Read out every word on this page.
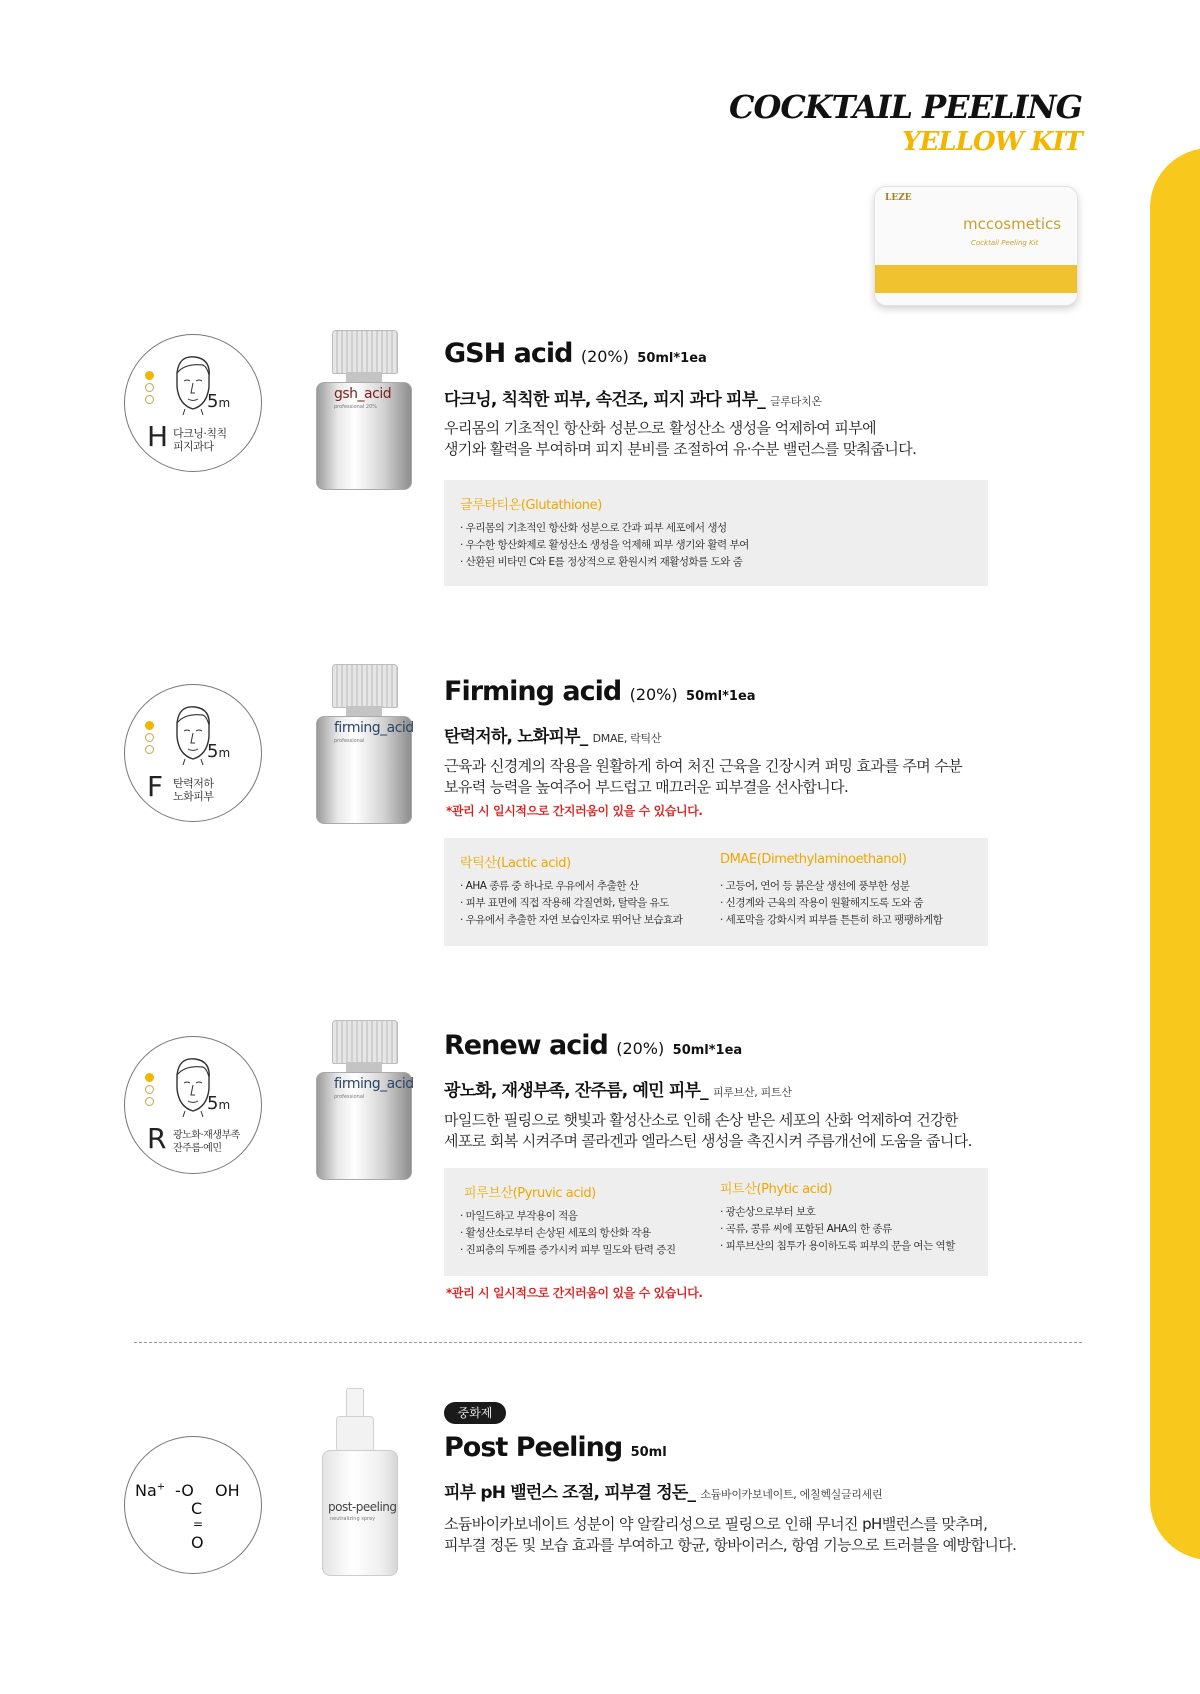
COCKTAIL PEELING
YELLOW KIT
LEZE
mccosmetics
Cocktail Peeling Kit
5m
H 다크닝·칙칙
피지과다
gsh_acid
professional 20%
GSH acid (20%) 50ml*1ea
다크닝, 칙칙한 피부, 속건조, 피지 과다 피부_ 글루타치온
우리몸의 기초적인 항산화 성분으로 활성산소 생성을 억제하여 피부에
생기와 활력을 부여하며 피지 분비를 조절하여 유·수분 밸런스를 맞춰줍니다.
글루타티온(Glutathione)
· 우리몸의 기초적인 항산화 성분으로 간과 피부 세포에서 생성
· 우수한 항산화제로 활성산소 생성을 억제해 피부 생기와 활력 부여
· 산환된 비타민 C와 E를 정상적으로 환원시켜 재활성화를 도와 줌
5m
F 탄력저하
노화피부
firming_acid
professional
Firming acid (20%) 50ml*1ea
탄력저하, 노화피부_ DMAE, 락틱산
근육과 신경계의 작용을 원활하게 하여 처진 근육을 긴장시켜 퍼밍 효과를 주며 수분
보유력 능력을 높여주어 부드럽고 매끄러운 피부결을 선사합니다.
*관리 시 일시적으로 간지러움이 있을 수 있습니다.
락틱산(Lactic acid)
· AHA 종류 중 하나로 우유에서 추출한 산
· 피부 표면에 직접 작용해 각질연화, 탈락을 유도
· 우유에서 추출한 자연 보습인자로 뛰어난 보습효과
DMAE(Dimethylaminoethanol)
· 고등어, 연어 등 붉은살 생선에 풍부한 성분
· 신경계와 근육의 작용이 원활해지도록 도와 줌
· 세포막을 강화시켜 피부를 튼튼히 하고 팽팽하게함
5m
R 광노화·재생부족
잔주름·예민
firming_acid
professional
Renew acid (20%) 50ml*1ea
광노화, 재생부족, 잔주름, 예민 피부_ 피루브산, 피트산
마일드한 필링으로 햇빛과 활성산소로 인해 손상 받은 세포의 산화 억제하여 건강한
세포로 회복 시켜주며 콜라겐과 엘라스틴 생성을 촉진시켜 주름개선에 도움을 줍니다.
피루브산(Pyruvic acid)
· 마일드하고 부작용이 적음
· 활성산소로부터 손상된 세포의 항산화 작용
· 진피층의 두께를 증가시켜 피부 밀도와 탄력 증진
피트산(Phytic acid)
· 광손상으로부터 보호
· 곡류, 콩류 씨에 포함된 AHA의 한 종류
· 피루브산의 침투가 용이하도록 피부의 문을 여는 역할
*관리 시 일시적으로 간지러움이 있을 수 있습니다.
Na+ -O
C
OH
=
O
post-peeling
neutralizing spray
중화제
Post Peeling 50ml
피부 pH 밸런스 조절, 피부결 정돈_ 소듐바이카보네이트, 에칠헥실글리세린
소듐바이카보네이트 성분이 약 알칼리성으로 필링으로 인해 무너진 pH밸런스를 맞추며,
피부결 정돈 및 보습 효과를 부여하고 항균, 항바이러스, 항염 기능으로 트러블을 예방합니다.
